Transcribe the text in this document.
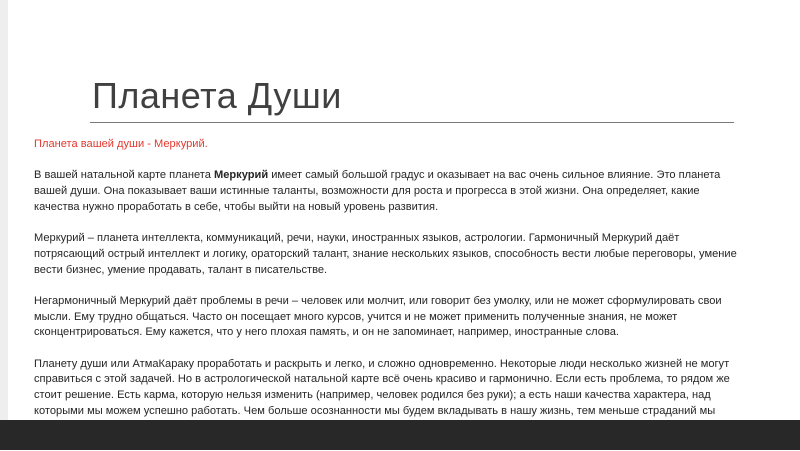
Планета Души

Планета вашей души - Меркурий.

В вашей натальной карте планета Меркурий имеет самый большой градус и оказывает на вас очень сильное влияние. Это планета вашей души. Она показывает ваши истинные таланты, возможности для роста и прогресса в этой жизни. Она определяет, какие качества нужно проработать в себе, чтобы выйти на новый уровень развития.

Меркурий – планета интеллекта, коммуникаций, речи, науки, иностранных языков, астрологии. Гармоничный Меркурий даёт потрясающий острый интеллект и логику, ораторский талант, знание нескольких языков, способность вести любые переговоры, умение вести бизнес, умение продавать, талант в писательстве.

Негармоничный Меркурий даёт проблемы в речи – человек или молчит, или говорит без умолку, или не может сформулировать свои мысли. Ему трудно общаться. Часто он посещает много курсов, учится и не может применить полученные знания, не может сконцентрироваться. Ему кажется, что у него плохая память, и он не запоминает, например, иностранные слова.

Планету души или АтмаКараку проработать и раскрыть и легко, и сложно одновременно. Некоторые люди несколько жизней не могут справиться с этой задачей. Но в астрологической натальной карте всё очень красиво и гармонично. Если есть проблема, то рядом же стоит решение. Есть карма, которую нельзя изменить (например, человек родился без руки); а есть наши качества характера, над которыми мы можем успешно работать. Чем больше осознанности мы будем вкладывать в нашу жизнь, тем меньше страданий мы
